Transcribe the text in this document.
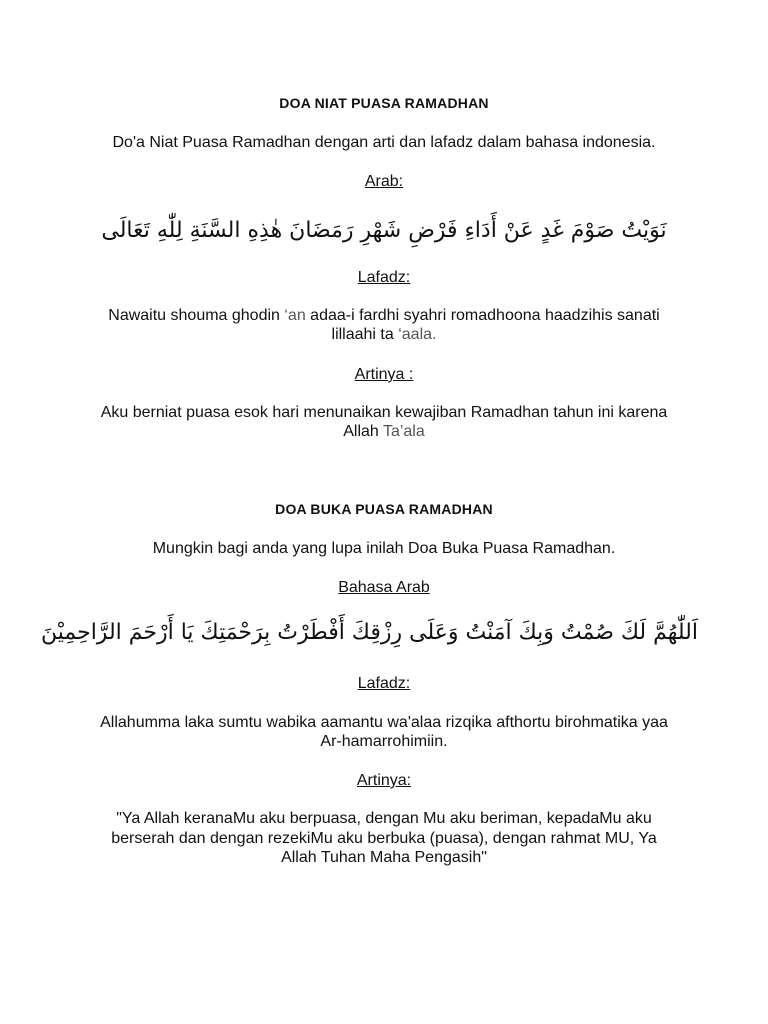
DOA NIAT PUASA RAMADHAN
Do'a Niat Puasa Ramadhan dengan arti dan lafadz dalam bahasa indonesia.
Arab:
نَوَيْتُ صَوْمَ غَدٍ عَنْ أَدَاءِ فَرْضِ شَهْرِ رَمَضَانَ هٰذِهِ السَّنَةِ لِلّٰهِ تَعَالَى
Lafadz:
Nawaitu shouma ghodin ‘an adaa-i fardhi syahri romadhoona haadzihis sanati
lillaahi ta ‘aala.
Artinya :
Aku berniat puasa esok hari menunaikan kewajiban Ramadhan tahun ini karena
Allah Ta’ala
DOA BUKA PUASA RAMADHAN
Mungkin bagi anda yang lupa inilah Doa Buka Puasa Ramadhan.
Bahasa Arab
اَللّٰهُمَّ لَكَ صُمْتُ وَبِكَ آمَنْتُ وَعَلَى رِزْقِكَ أَفْطَرْتُ بِرَحْمَتِكَ يَا أَرْحَمَ الرَّاحِمِيْنَ
Lafadz:
Allahumma laka sumtu wabika aamantu wa'alaa rizqika afthortu birohmatika yaa
Ar-hamarrohimiin.
Artinya:
"Ya Allah keranaMu aku berpuasa, dengan Mu aku beriman, kepadaMu aku
berserah dan dengan rezekiMu aku berbuka (puasa), dengan rahmat MU, Ya
Allah Tuhan Maha Pengasih"
